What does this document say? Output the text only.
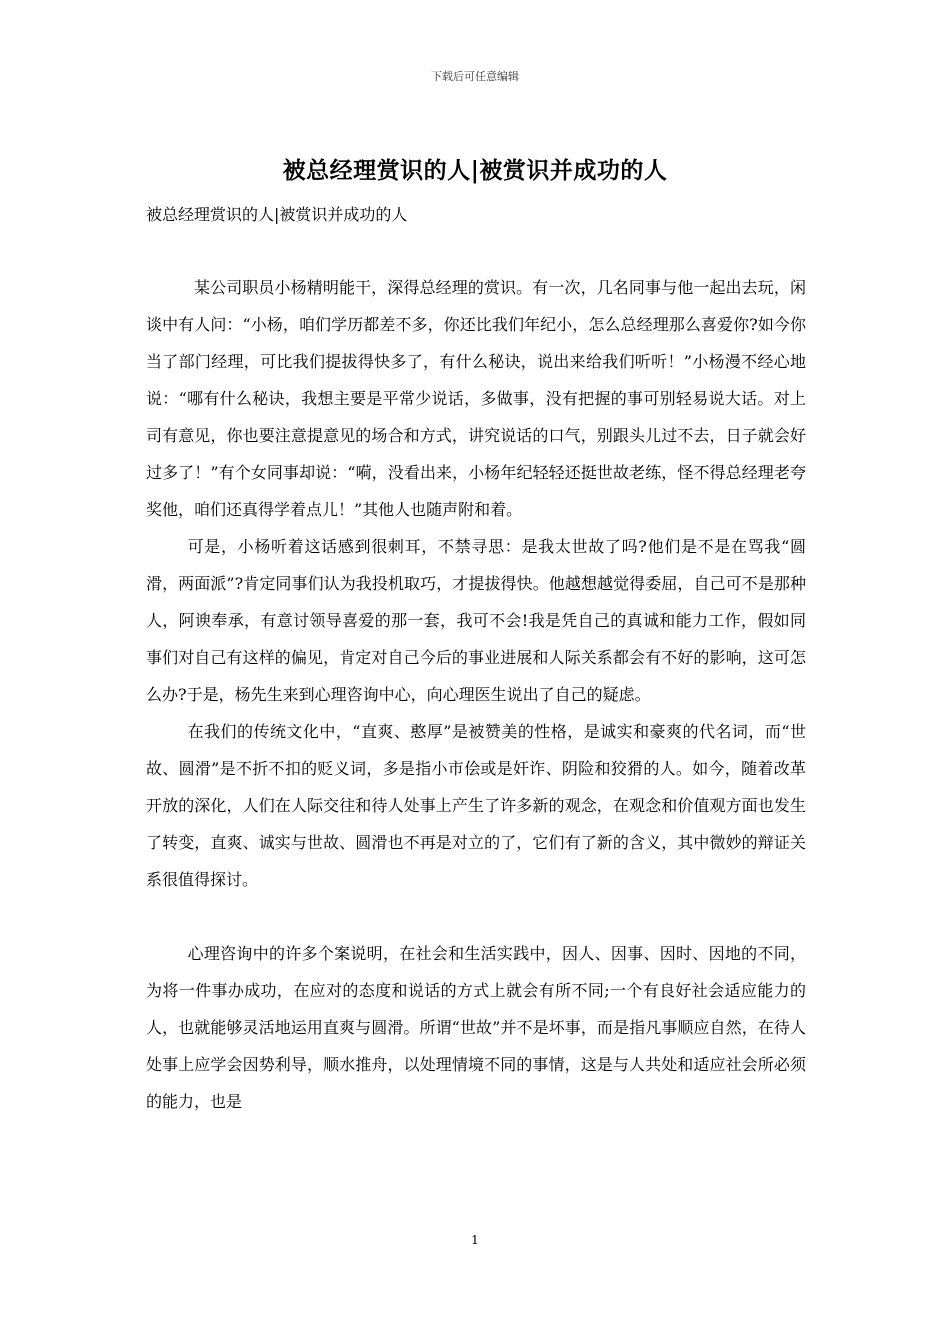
下载后可任意编辑
被总经理赏识的人|被赏识并成功的人
被总经理赏识的人|被赏识并成功的人

某公司职员小杨精明能干，深得总经理的赏识。有一次，几名同事与他一起出去玩，闲谈中有人问：“小杨，咱们学历都差不多，你还比我们年纪小，怎么总经理那么喜爱你?如今你当了部门经理，可比我们提拔得快多了，有什么秘诀，说出来给我们听听！”小杨漫不经心地说：“哪有什么秘诀，我想主要是平常少说话，多做事，没有把握的事可别轻易说大话。对上司有意见，你也要注意提意见的场合和方式，讲究说话的口气，别跟头儿过不去，日子就会好过多了！”有个女同事却说：“嗬，没看出来，小杨年纪轻轻还挺世故老练，怪不得总经理老夸奖他，咱们还真得学着点儿！”其他人也随声附和着。

可是，小杨听着这话感到很刺耳，不禁寻思：是我太世故了吗?他们是不是在骂我“圆滑，两面派”?肯定同事们认为我投机取巧，才提拔得快。他越想越觉得委屈，自己可不是那种人，阿谀奉承，有意讨领导喜爱的那一套，我可不会!我是凭自己的真诚和能力工作，假如同事们对自己有这样的偏见，肯定对自己今后的事业进展和人际关系都会有不好的影响，这可怎么办?于是，杨先生来到心理咨询中心，向心理医生说出了自己的疑虑。

在我们的传统文化中，“直爽、憨厚”是被赞美的性格，是诚实和豪爽的代名词，而“世故、圆滑”是不折不扣的贬义词，多是指小市侩或是奸诈、阴险和狡猾的人。如今，随着改革开放的深化，人们在人际交往和待人处事上产生了许多新的观念，在观念和价值观方面也发生了转变，直爽、诚实与世故、圆滑也不再是对立的了，它们有了新的含义，其中微妙的辩证关系很值得探讨。

心理咨询中的许多个案说明，在社会和生活实践中，因人、因事、因时、因地的不同，为将一件事办成功，在应对的态度和说话的方式上就会有所不同;一个有良好社会适应能力的人，也就能够灵活地运用直爽与圆滑。所谓“世故”并不是坏事，而是指凡事顺应自然，在待人处事上应学会因势利导，顺水推舟，以处理情境不同的事情，这是与人共处和适应社会所必须的能力，也是

1
